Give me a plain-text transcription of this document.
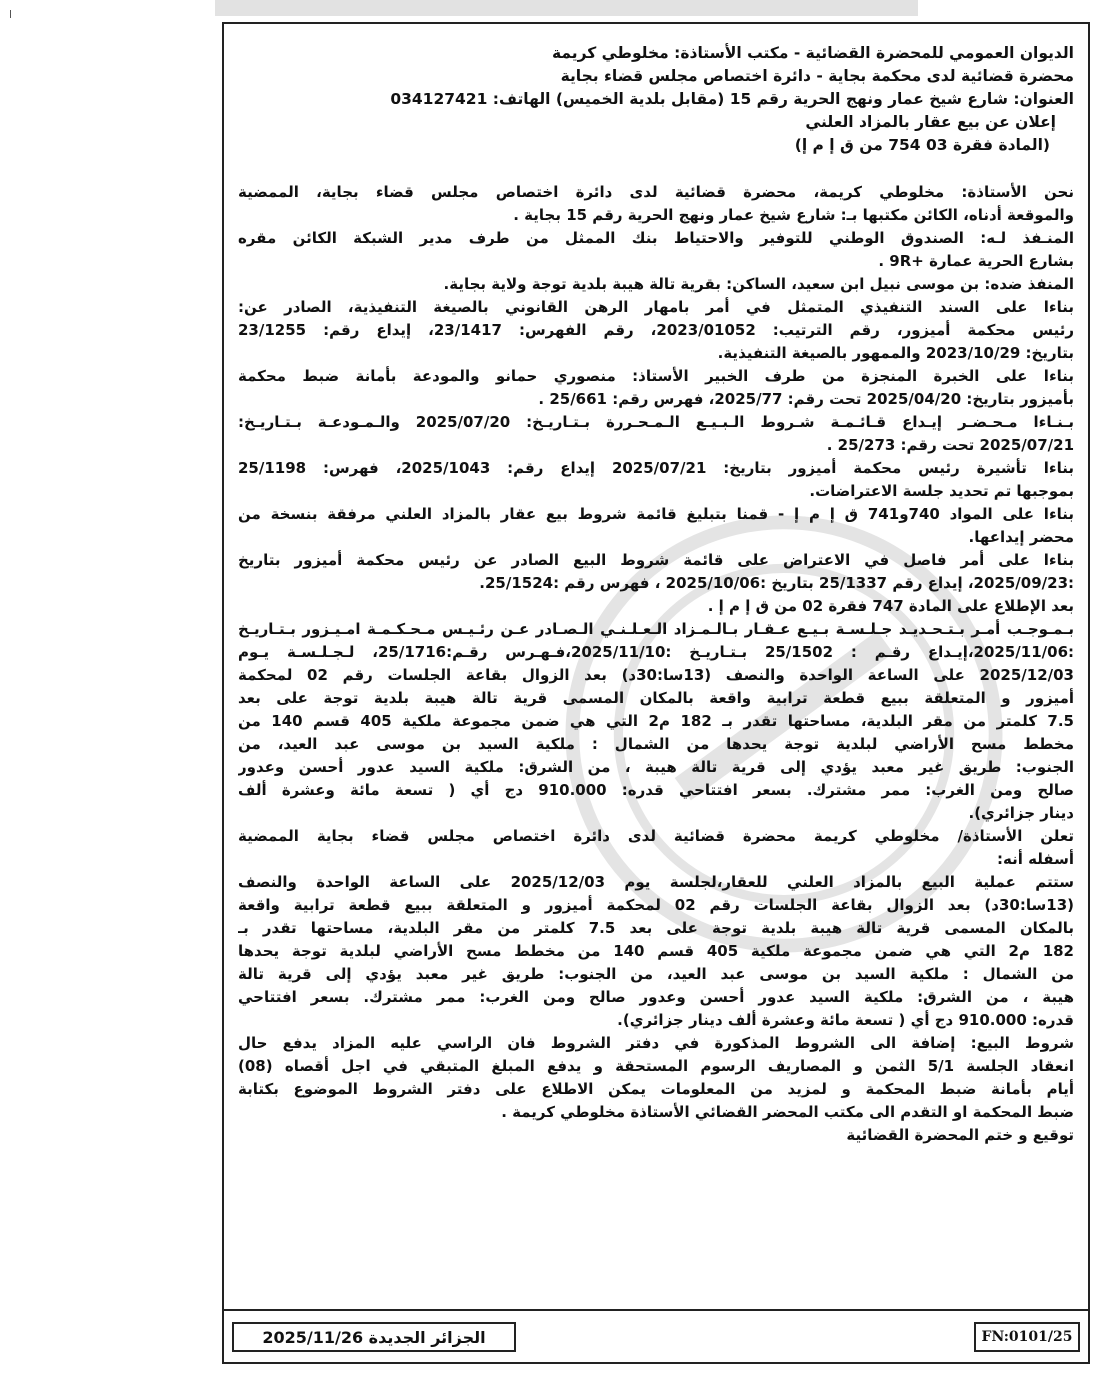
الديوان العمومي للمحضرة القضائية - مكتب الأستاذة: مخلوطي كريمة
محضرة قضائية لدى محكمة بجاية - دائرة اختصاص مجلس قضاء بجاية
العنوان: شارع شيخ عمار ونهج الحرية رقم 15 (مقابل بلدية الخميس) الهاتف: 034127421
إعلان عن بيع عقار بالمزاد العلني
(المادة فقرة 03 754 من ق إ م إ)
نحن الأستاذة: مخلوطي كريمة، محضرة قضائية لدى دائرة اختصاص مجلس قضاء بجاية، الممضية
والموقعة أدناه، الكائن مكتبها بـ: شارع شيخ عمار ونهج الحرية رقم 15 بجاية .
المنـفذ لـه: الصندوق الوطني للتوفير والاحتياط بنك الممثل من طرف مدير الشبكة الكائن مقره
بشارع الحرية عمارة +9R .
المنفذ ضده: بن موسى نبيل ابن سعيد، الساكن: بقرية تالة هيبة بلدية توجة ولاية بجاية.
بناءا على السند التنفيذي المتمثل في أمر بامهار الرهن القانوني بالصيغة التنفيذية، الصادر عن:
رئيس محكمة أميزور، رقم الترتيب: 2023/01052، رقم الفهرس: 23/1417، إيداع رقم: 23/1255
بتاريخ: 2023/10/29 والممهور بالصيغة التنفيذية.
بناءا على الخبرة المنجزة من طرف الخبير الأستاذ: منصوري حمانو والمودعة بأمانة ضبط محكمة
بأميزور بتاريخ: 2025/04/20 تحت رقم: 2025/77، فهرس رقم: 25/661 .
بـنـاءا مـحـضـر إيـداع قـائـمـة شـروط الـبـيـع الـمـحـررة بـتـاريـخ: 2025/07/20 والـمـودعـة بـتـاريـخ:
2025/07/21 تحت رقم: 25/273 .
بناءا تأشيرة رئيس محكمة أميزور بتاريخ: 2025/07/21 إيداع رقم: 2025/1043، فهرس: 25/1198
بموجبها تم تحديد جلسة الاعتراضات.
بناءا على المواد 740و741 ق إ م إ - قمنا بتبليغ قائمة شروط بيع عقار بالمزاد العلني مرفقة بنسخة من
محضر إيداعها.
بناءا على أمر فاصل في الاعتراض على قائمة شروط البيع الصادر عن رئيس محكمة أميزور بتاريخ
:2025/09/23، إيداع رقم 25/1337 بتاريخ :2025/10/06 ، فهرس رقم :25/1524.
بعد الإطلاع على المادة 747 فقرة 02 من ق إ م إ .
بـمـوجـب أمـر بـتـحـديـد جـلـسـة بـيـع عـقـار بـالـمـزاد الـعـلـنـي الـصـادر عـن رئـيـس مـحـكـمـة امـيـزور بـتـاريـخ
:2025/11/06،إيـداع رقـم : 25/1502 بـتـاريـخ :2025/11/10،فـهـرس رقـم:25/1716، لـجـلـسـة يـوم
2025/12/03 على الساعة الواحدة والنصف (13سا:30د) بعد الزوال بقاعة الجلسات رقم 02 لمحكمة
أميزور و المتعلقة ببيع قطعة ترابية واقعة بالمكان المسمى قرية تالة هيبة بلدية توجة على بعد
7.5 كلمتر من مقر البلدية، مساحتها تقدر بـ 182 م2 التي هي ضمن مجموعة ملكية 405 قسم 140 من
مخطط مسح الأراضي لبلدية توجة يحدها من الشمال : ملكية السيد بن موسى عبد العيد، من
الجنوب: طريق غير معبد يؤدي إلى قرية تالة هيبة ، من الشرق: ملكية السيد عدور أحسن وعدور
صالح ومن الغرب: ممر مشترك. بسعر افتتاحي قدره: 910.000 دج أي ( تسعة مائة وعشرة ألف
دينار جزائري).
تعلن الأستاذة/ مخلوطي كريمة محضرة قضائية لدى دائرة اختصاص مجلس قضاء بجاية الممضية
أسفله أنه:
ستتم عملية البيع بالمزاد العلني للعقار،لجلسة يوم 2025/12/03 على الساعة الواحدة والنصف
(13سا:30د) بعد الزوال بقاعة الجلسات رقم 02 لمحكمة أميزور و المتعلقة ببيع قطعة ترابية واقعة
بالمكان المسمى قرية تالة هيبة بلدية توجة على بعد 7.5 كلمتر من مقر البلدية، مساحتها تقدر بـ
182 م2 التي هي ضمن مجموعة ملكية 405 قسم 140 من مخطط مسح الأراضي لبلدية توجة يحدها
من الشمال : ملكية السيد بن موسى عبد العيد، من الجنوب: طريق غير معبد يؤدي إلى قرية تالة
هيبة ، من الشرق: ملكية السيد عدور أحسن وعدور صالح ومن الغرب: ممر مشترك. بسعر افتتاحي
قدره: 910.000 دج أي ( تسعة مائة وعشرة ألف دينار جزائري).
شروط البيع: إضافة الى الشروط المذكورة في دفتر الشروط فان الراسي عليه المزاد يدفع حال
انعقاد الجلسة 5/1 الثمن و المصاريف الرسوم المستحقة و يدفع المبلغ المتبقي في اجل أقصاه (08)
أيام بأمانة ضبط المحكمة و لمزيد من المعلومات يمكن الاطلاع على دفتر الشروط الموضوع بكتابة
ضبط المحكمة او التقدم الى مكتب المحضر القضائي الأستاذة مخلوطي كريمة .
توقيع و ختم المحضرة القضائية
الجزائر الجديدة 2025/11/26	FN:0101/25
